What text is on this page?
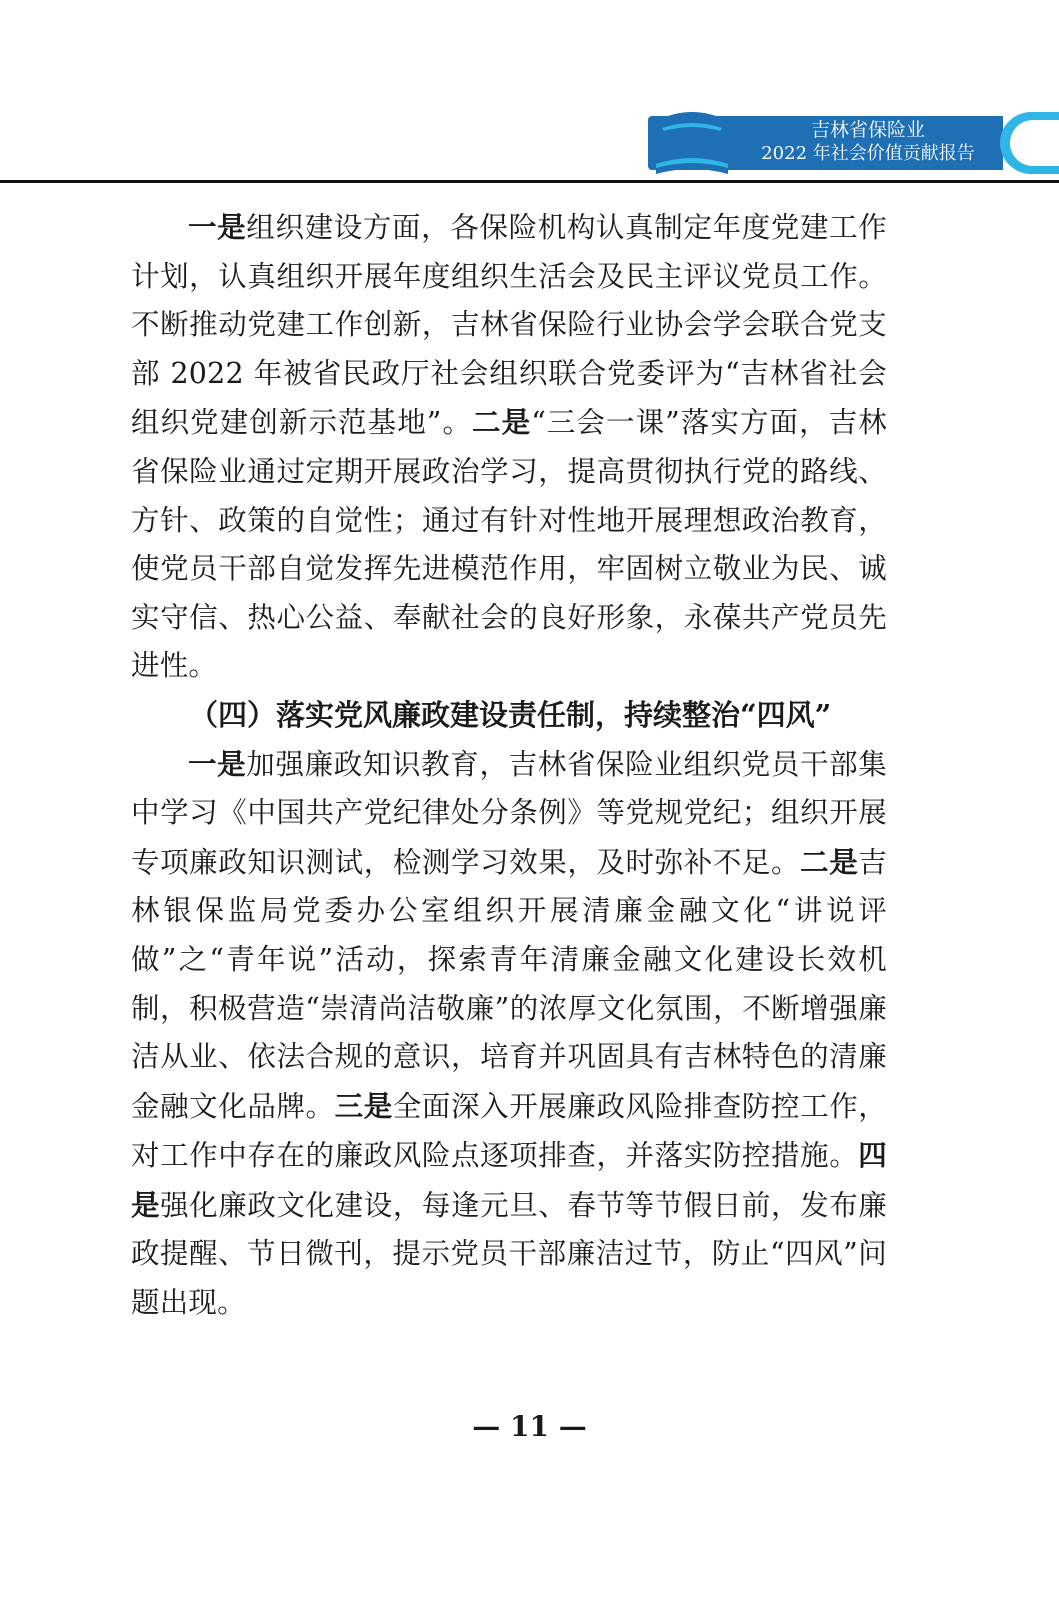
吉林省保险业
2022 年社会价值贡献报告

一是组织建设方面，各保险机构认真制定年度党建工作计划，认真组织开展年度组织生活会及民主评议党员工作。不断推动党建工作创新，吉林省保险行业协会学会联合党支部 2022 年被省民政厅社会组织联合党委评为“吉林省社会组织党建创新示范基地”。二是“三会一课”落实方面，吉林省保险业通过定期开展政治学习，提高贯彻执行党的路线、方针、政策的自觉性；通过有针对性地开展理想政治教育，使党员干部自觉发挥先进模范作用，牢固树立敬业为民、诚实守信、热心公益、奉献社会的良好形象，永葆共产党员先进性。

（四）落实党风廉政建设责任制，持续整治“四风”

一是加强廉政知识教育，吉林省保险业组织党员干部集中学习《中国共产党纪律处分条例》等党规党纪；组织开展专项廉政知识测试，检测学习效果，及时弥补不足。二是吉林银保监局党委办公室组织开展清廉金融文化“讲说评做”之“青年说”活动，探索青年清廉金融文化建设长效机制，积极营造“崇清尚洁敬廉”的浓厚文化氛围，不断增强廉洁从业、依法合规的意识，培育并巩固具有吉林特色的清廉金融文化品牌。三是全面深入开展廉政风险排查防控工作，对工作中存在的廉政风险点逐项排查，并落实防控措施。四是强化廉政文化建设，每逢元旦、春节等节假日前，发布廉政提醒、节日微刊，提示党员干部廉洁过节，防止“四风”问题出现。

— 11 —
